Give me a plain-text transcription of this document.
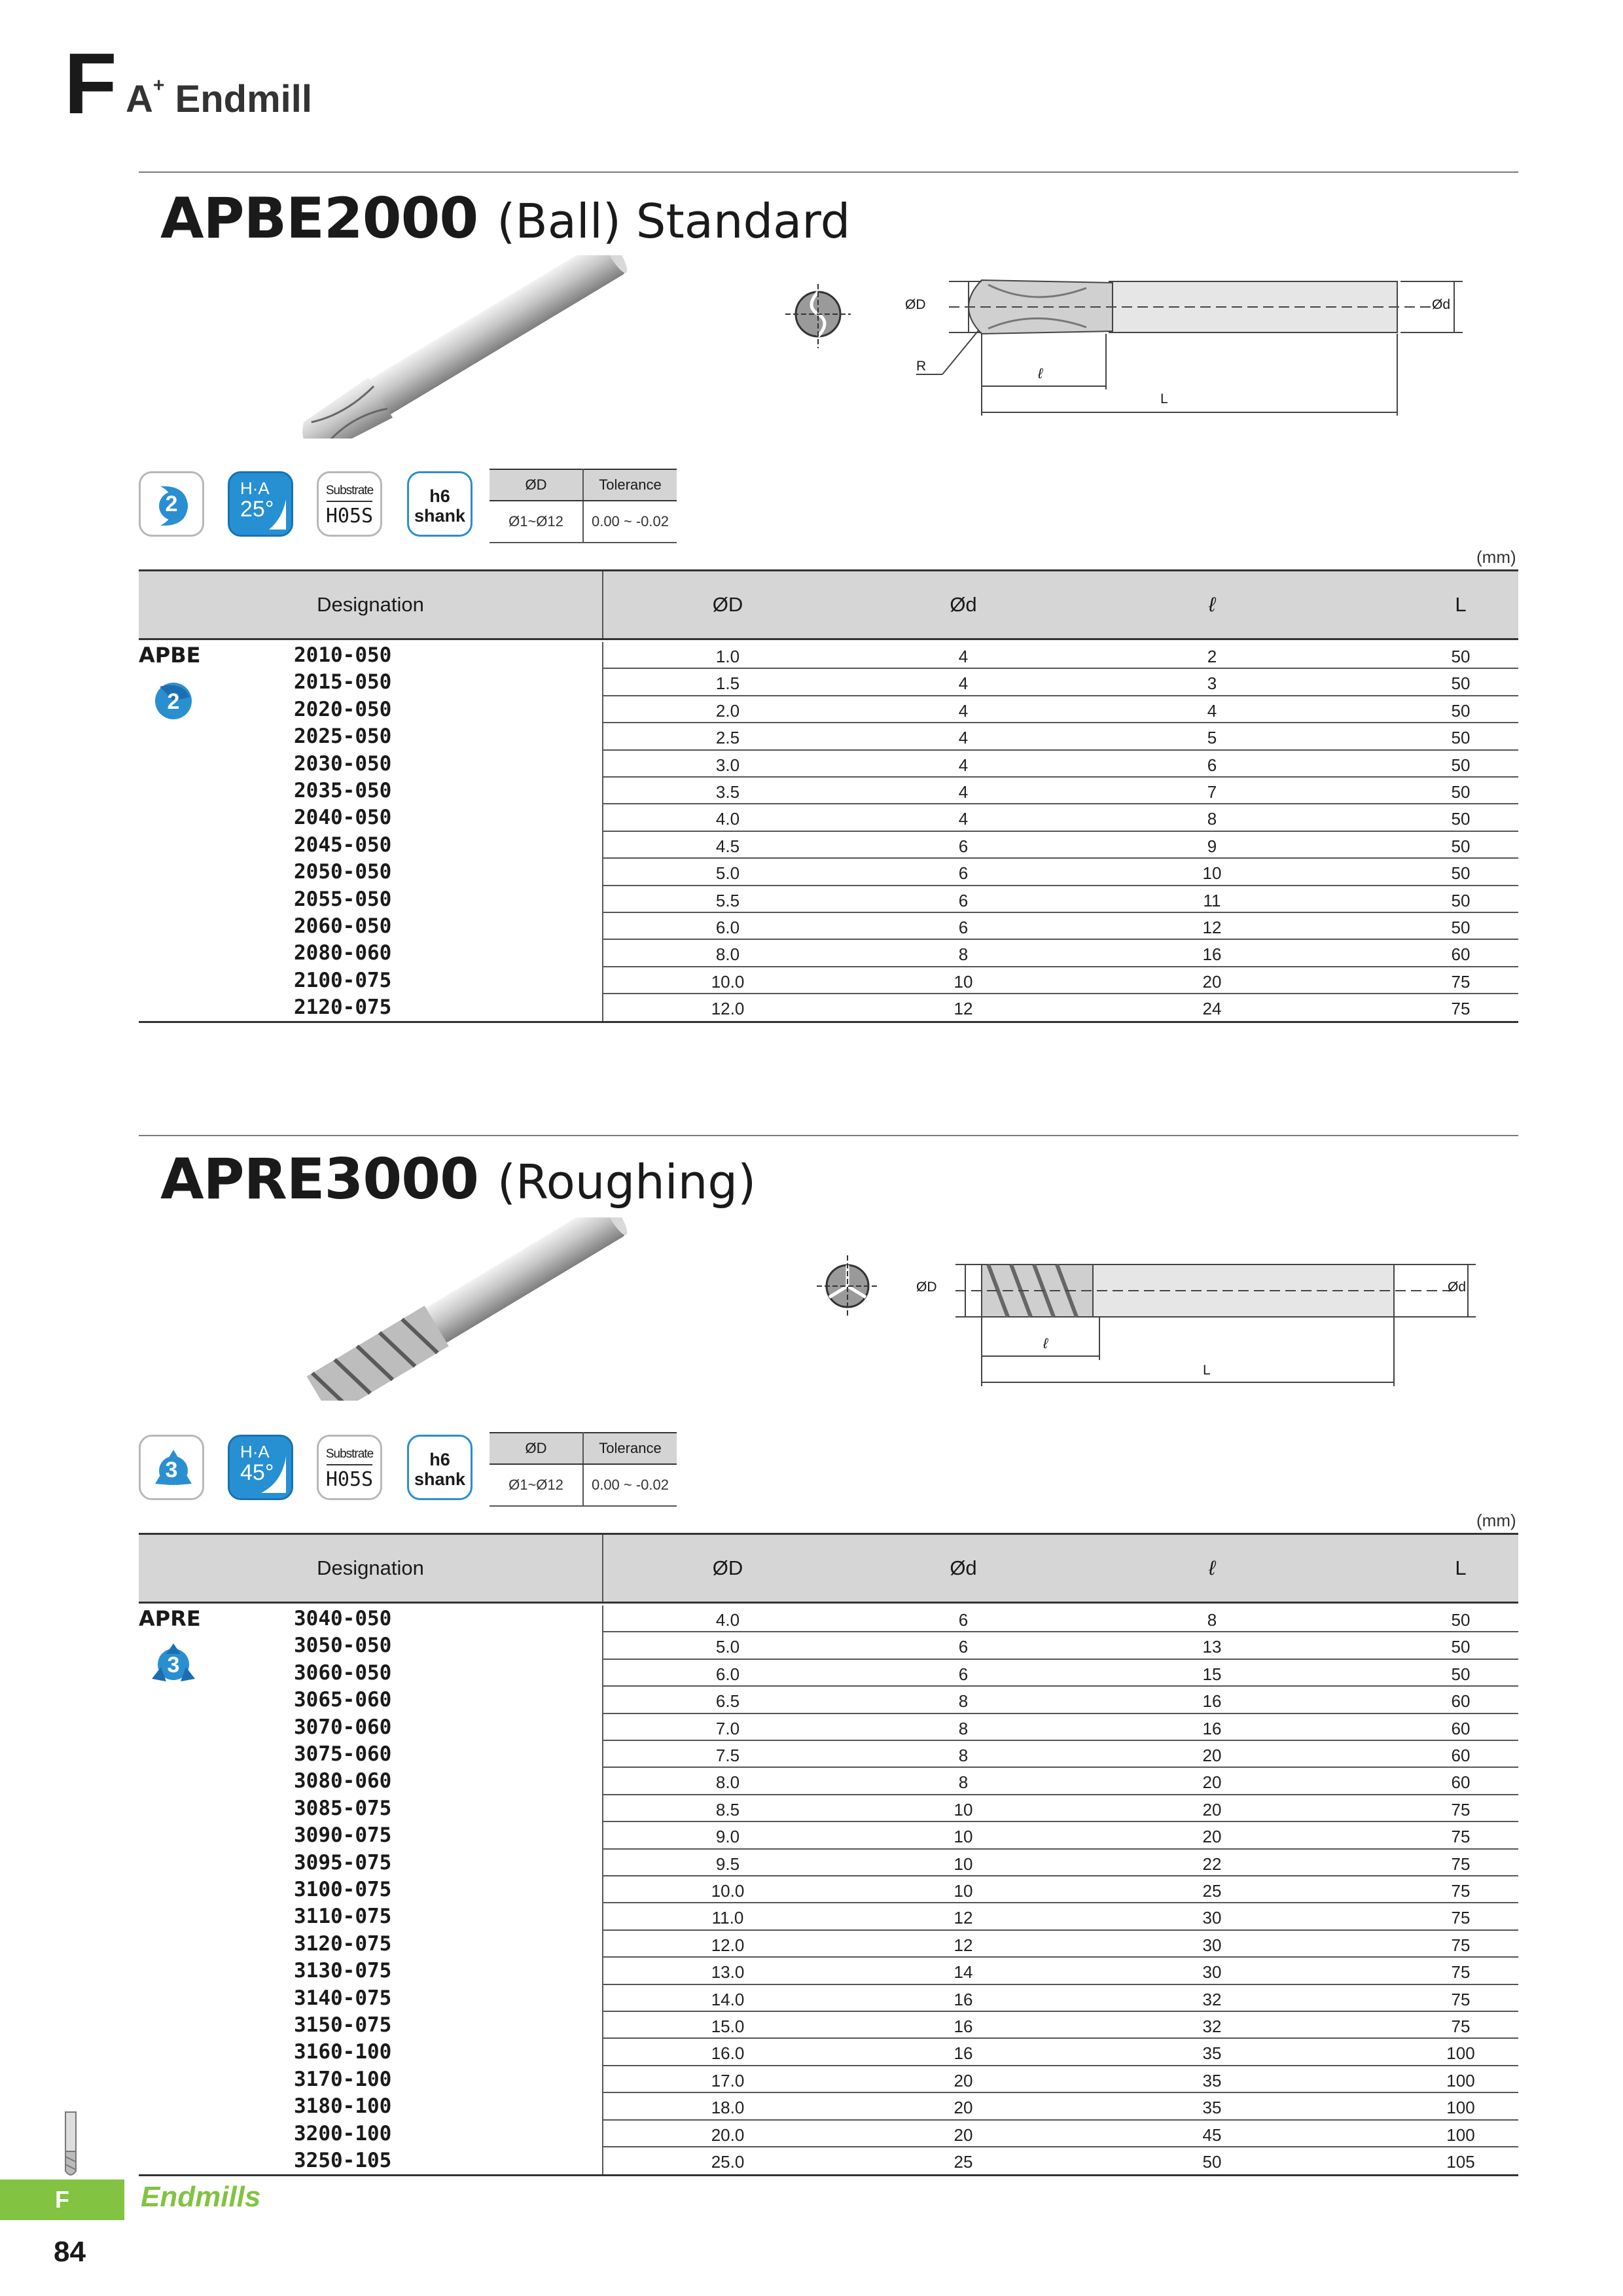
F A+ Endmill
APBE2000 (Ball) Standard
ØD	Ød
R	ℓ
L
2
H·A
25°
Substrate
H05S
h6
shank
ØD	Tolerance
Ø1~Ø12	0.00 ~ -0.02
(mm)
Designation	ØD	Ød	ℓ	L
APBE
2
2010-050	1.0	4	2	50
2015-050	1.5	4	3	50
2020-050	2.0	4	4	50
2025-050	2.5	4	5	50
2030-050	3.0	4	6	50
2035-050	3.5	4	7	50
2040-050	4.0	4	8	50
2045-050	4.5	6	9	50
2050-050	5.0	6	10	50
2055-050	5.5	6	11	50
2060-050	6.0	6	12	50
2080-060	8.0	8	16	60
2100-075	10.0	10	20	75
2120-075	12.0	12	24	75
APRE3000 (Roughing)
ØD	Ød
ℓ
L
3
H·A
45°
Substrate
H05S
h6
shank
ØD	Tolerance
Ø1~Ø12	0.00 ~ -0.02
(mm)
Designation	ØD	Ød	ℓ	L
APRE
3
3040-050	4.0	6	8	50
3050-050	5.0	6	13	50
3060-050	6.0	6	15	50
3065-060	6.5	8	16	60
3070-060	7.0	8	16	60
3075-060	7.5	8	20	60
3080-060	8.0	8	20	60
3085-075	8.5	10	20	75
3090-075	9.0	10	20	75
3095-075	9.5	10	22	75
3100-075	10.0	10	25	75
3110-075	11.0	12	30	75
3120-075	12.0	12	30	75
3130-075	13.0	14	30	75
3140-075	14.0	16	32	75
3150-075	15.0	16	32	75
3160-100	16.0	16	35	100
3170-100	17.0	20	35	100
3180-100	18.0	20	35	100
3200-100	20.0	20	45	100
3250-105	25.0	25	50	105
F	Endmills
84
